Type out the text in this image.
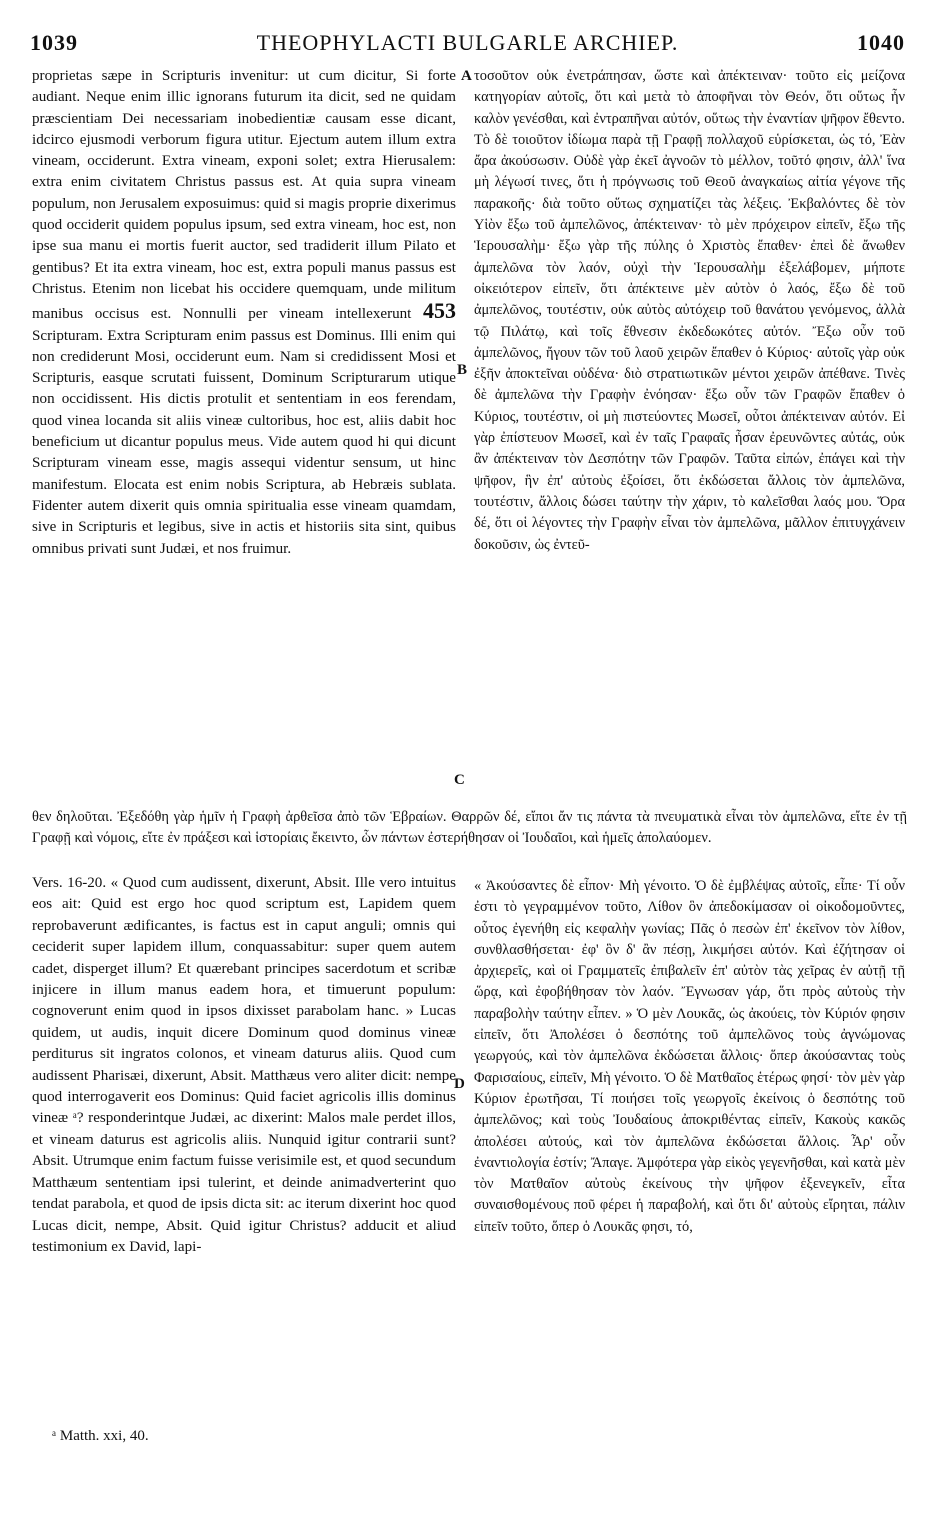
1039	THEOPHYLACTI BULGARLE ARCHIEP.	1040

proprietas sæpe in Scripturis invenitur: ut cum dicitur, Si forte audiant. Neque enim illic ignorans futurum ita dicit, sed ne quidam præscientiam Dei necessariam inobedientiæ causam esse dicant, idcirco ejusmodi verborum figura utitur. Ejectum autem illum extra vineam, occiderunt. Extra vineam, exponi solet; extra Hierusalem: extra enim civitatem Christus passus est. At quia supra vineam populum, non Jerusalem exposuimus: quid si magis proprie dixerimus quod occiderit quidem populus ipsum, sed extra vineam, hoc est, non ipse sua manu ei mortis fuerit auctor, sed tradiderit illum Pilato et gentibus? Et ita extra vineam, hoc est, extra populi manus passus est Christus. Etenim non licebat his occidere quemquam, unde militum manibus occisus est. Nonnulli per vineam intellexerunt 453 Scripturam. Extra Scripturam enim passus est Dominus. Illi enim qui non crediderunt Mosi, occiderunt eum. Nam si credidissent Mosi et Scripturis, easque scrutati fuissent, Dominum Scripturarum utique non occidissent. His dictis protulit et sententiam in eos ferendam, quod vinea locanda sit aliis vineæ cultoribus, hoc est, aliis dabit hoc beneficium ut dicantur populus meus. Vide autem quod hi qui dicunt Scripturam vineam esse, magis assequi videntur sensum, ut hinc manifestum. Elocata est enim nobis Scriptura, ab Hebræis sublata. Fidenter autem dixerit quis omnia spiritualia esse vineam quamdam, sive in Scripturis et legibus, sive in actis et historiis sita sint, quibus omnibus privati sunt Judæi, et nos fruimur.

τοσοῦτον οὐκ ἐνετράπησαν, ὥστε καὶ ἀπέκτειναν· τοῦτο εἰς μείζονα κατηγορίαν αὐτοῖς, ὅτι καὶ μετὰ τὸ ἀποφῆναι τὸν Θεόν, ὅτι οὕτως ἦν καλὸν γενέσθαι, καὶ ἐντραπῆναι αὐτόν, οὕτως τὴν ἐναντίαν ψῆφον ἔθεντο. Τὸ δὲ τοιοῦτον ἰδίωμα παρὰ τῇ Γραφῇ πολλαχοῦ εὑρίσκεται, ὡς τό, Ἐὰν ἄρα ἀκούσωσιν. Οὐδὲ γὰρ ἐκεῖ ἀγνοῶν τὸ μέλλον, τοῦτό φησιν, ἀλλ' ἵνα μὴ λέγωσί τινες, ὅτι ἡ πρόγνωσις τοῦ Θεοῦ ἀναγκαίως αἰτία γέγονε τῆς παρακοῆς· διὰ τοῦτο οὕτως σχηματίζει τὰς λέξεις. Ἐκβαλόντες δὲ τὸν Υἱὸν ἔξω τοῦ ἀμπελῶνος, ἀπέκτειναν· τὸ μὲν πρόχειρον εἰπεῖν, ἔξω τῆς Ἱερουσαλὴμ· ἔξω γὰρ τῆς πύλης ὁ Χριστὸς ἔπαθεν· ἐπεὶ δὲ ἄνωθεν ἀμπελῶνα τὸν λαόν, οὐχὶ τὴν Ἱερουσαλὴμ ἐξελάβομεν, μήποτε οἰκειότερον εἰπεῖν, ὅτι ἀπέκτεινε μὲν αὐτὸν ὁ λαός, ἔξω δὲ τοῦ ἀμπελῶνος, τουτέστιν, οὐκ αὐτὸς αὐτόχειρ τοῦ θανάτου γενόμενος, ἀλλὰ τῷ Πιλάτῳ, καὶ τοῖς ἔθνεσιν ἐκδεδωκότες αὐτόν. Ἔξω οὖν τοῦ ἀμπελῶνος, ἤγουν τῶν τοῦ λαοῦ χειρῶν ἔπαθεν ὁ Κύριος· αὐτοῖς γὰρ οὐκ ἐξῆν ἀποκτεῖναι οὐδένα· διὸ στρατιωτικῶν μέντοι χειρῶν ἀπέθανε. Τινὲς δὲ ἀμπελῶνα τὴν Γραφὴν ἐνόησαν· ἔξω οὖν τῶν Γραφῶν ἔπαθεν ὁ Κύριος, τουτέστιν, οἱ μὴ πιστεύοντες Μωσεῖ, οὗτοι ἀπέκτειναν αὐτόν. Εἰ γὰρ ἐπίστευον Μωσεῖ, καὶ ἐν ταῖς Γραφαῖς ἦσαν ἐρευνῶντες αὐτάς, οὐκ ἂν ἀπέκτειναν τὸν Δεσπότην τῶν Γραφῶν. Ταῦτα εἰπών, ἐπάγει καὶ τὴν ψῆφον, ἣν ἐπ' αὐτοὺς ἐξοίσει, ὅτι ἐκδώσεται ἄλλοις τὸν ἀμπελῶνα, τουτέστιν, ἄλλοις δώσει ταύτην τὴν χάριν, τὸ καλεῖσθαι λαός μου. Ὅρα δέ, ὅτι οἱ λέγοντες τὴν Γραφὴν εἶναι τὸν ἀμπελῶνα, μᾶλλον ἐπιτυγχάνειν δοκοῦσιν, ὡς ἐντεῦ-

A
B
C
D
θεν δηλοῦται. Ἐξεδόθη γὰρ ἡμῖν ἡ Γραφὴ ἀρθεῖσα ἀπὸ τῶν Ἑβραίων. Θαρρῶν δέ, εἴποι ἄν τις πάντα τὰ πνευματικὰ εἶναι τὸν ἀμπελῶνα, εἴτε ἐν τῇ Γραφῇ καὶ νόμοις, εἴτε ἐν πράξεσι καὶ ἱστορίαις ἔκειντο, ὧν πάντων ἐστερήθησαν οἱ Ἰουδαῖοι, καὶ ἡμεῖς ἀπολαύομεν.

Vers. 16-20. « Quod cum audissent, dixerunt, Absit. Ille vero intuitus eos ait: Quid est ergo hoc quod scriptum est, Lapidem quem reprobaverunt ædificantes, is factus est in caput anguli; omnis qui ceciderit super lapidem illum, conquassabitur: super quem autem cadet, disperget illum? Et quærebant principes sacerdotum et scribæ injicere in illum manus eadem hora, et timuerunt populum: cognoverunt enim quod in ipsos dixisset parabolam hanc. » Lucas quidem, ut audis, inquit dicere Dominum quod dominus vineæ perditurus sit ingratos colonos, et vineam daturus aliis. Quod cum audissent Pharisæi, dixerunt, Absit. Matthæus vero aliter dicit: nempe quod interrogaverit eos Dominus: Quid faciet agricolis illis dominus vineæ ᵃ? responderintque Judæi, ac dixerint: Malos male perdet illos, et vineam daturus est agricolis aliis. Nunquid igitur contrarii sunt? Absit. Utrumque enim factum fuisse verisimile est, et quod secundum Matthæum sententiam ipsi tulerint, et deinde animadverterint quo tendat parabola, et quod de ipsis dicta sit: ac iterum dixerint hoc quod Lucas dicit, nempe, Absit. Quid igitur Christus? adducit et aliud testimonium ex David, lapi-

« Ἀκούσαντες δὲ εἶπον· Μὴ γένοιτο. Ὁ δὲ ἐμβλέψας αὐτοῖς, εἶπε· Τί οὖν ἐστι τὸ γεγραμμένον τοῦτο, Λίθον ὃν ἀπεδοκίμασαν οἱ οἰκοδομοῦντες, οὗτος ἐγενήθη εἰς κεφαλὴν γωνίας; Πᾶς ὁ πεσὼν ἐπ' ἐκεῖνον τὸν λίθον, συνθλασθήσεται· ἐφ' ὃν δ' ἂν πέσῃ, λικμήσει αὐτόν. Καὶ ἐζήτησαν οἱ ἀρχιερεῖς, καὶ οἱ Γραμματεῖς ἐπιβαλεῖν ἐπ' αὐτὸν τὰς χεῖρας ἐν αὐτῇ τῇ ὥρᾳ, καὶ ἐφοβήθησαν τὸν λαόν. Ἔγνωσαν γάρ, ὅτι πρὸς αὐτοὺς τὴν παραβολὴν ταύτην εἶπεν. » Ὁ μὲν Λουκᾶς, ὡς ἀκούεις, τὸν Κύριόν φησιν εἰπεῖν, ὅτι Ἀπολέσει ὁ δεσπότης τοῦ ἀμπελῶνος τοὺς ἀγνώμονας γεωργούς, καὶ τὸν ἀμπελῶνα ἐκδώσεται ἄλλοις· ὅπερ ἀκούσαντας τοὺς Φαρισαίους, εἰπεῖν, Μὴ γένοιτο. Ὁ δὲ Ματθαῖος ἑτέρως φησί· τὸν μὲν γὰρ Κύριον ἐρωτῆσαι, Τί ποιήσει τοῖς γεωργοῖς ἐκείνοις ὁ δεσπότης τοῦ ἀμπελῶνος; καὶ τοὺς Ἰουδαίους ἀποκριθέντας εἰπεῖν, Κακοὺς κακῶς ἀπολέσει αὐτούς, καὶ τὸν ἀμπελῶνα ἐκδώσεται ἄλλοις. Ἆρ' οὖν ἐναντιολογία ἐστίν; Ἄπαγε. Ἀμφότερα γὰρ εἰκὸς γεγενῆσθαι, καὶ κατὰ μὲν τὸν Ματθαῖον αὐτοὺς ἐκείνους τὴν ψῆφον ἐξενεγκεῖν, εἶτα συναισθομένους ποῦ φέρει ἡ παραβολή, καὶ ὅτι δι' αὐτοὺς εἴρηται, πάλιν εἰπεῖν τοῦτο, ὅπερ ὁ Λουκᾶς φησι, τό,

ᵃ Matth. xxi, 40.
